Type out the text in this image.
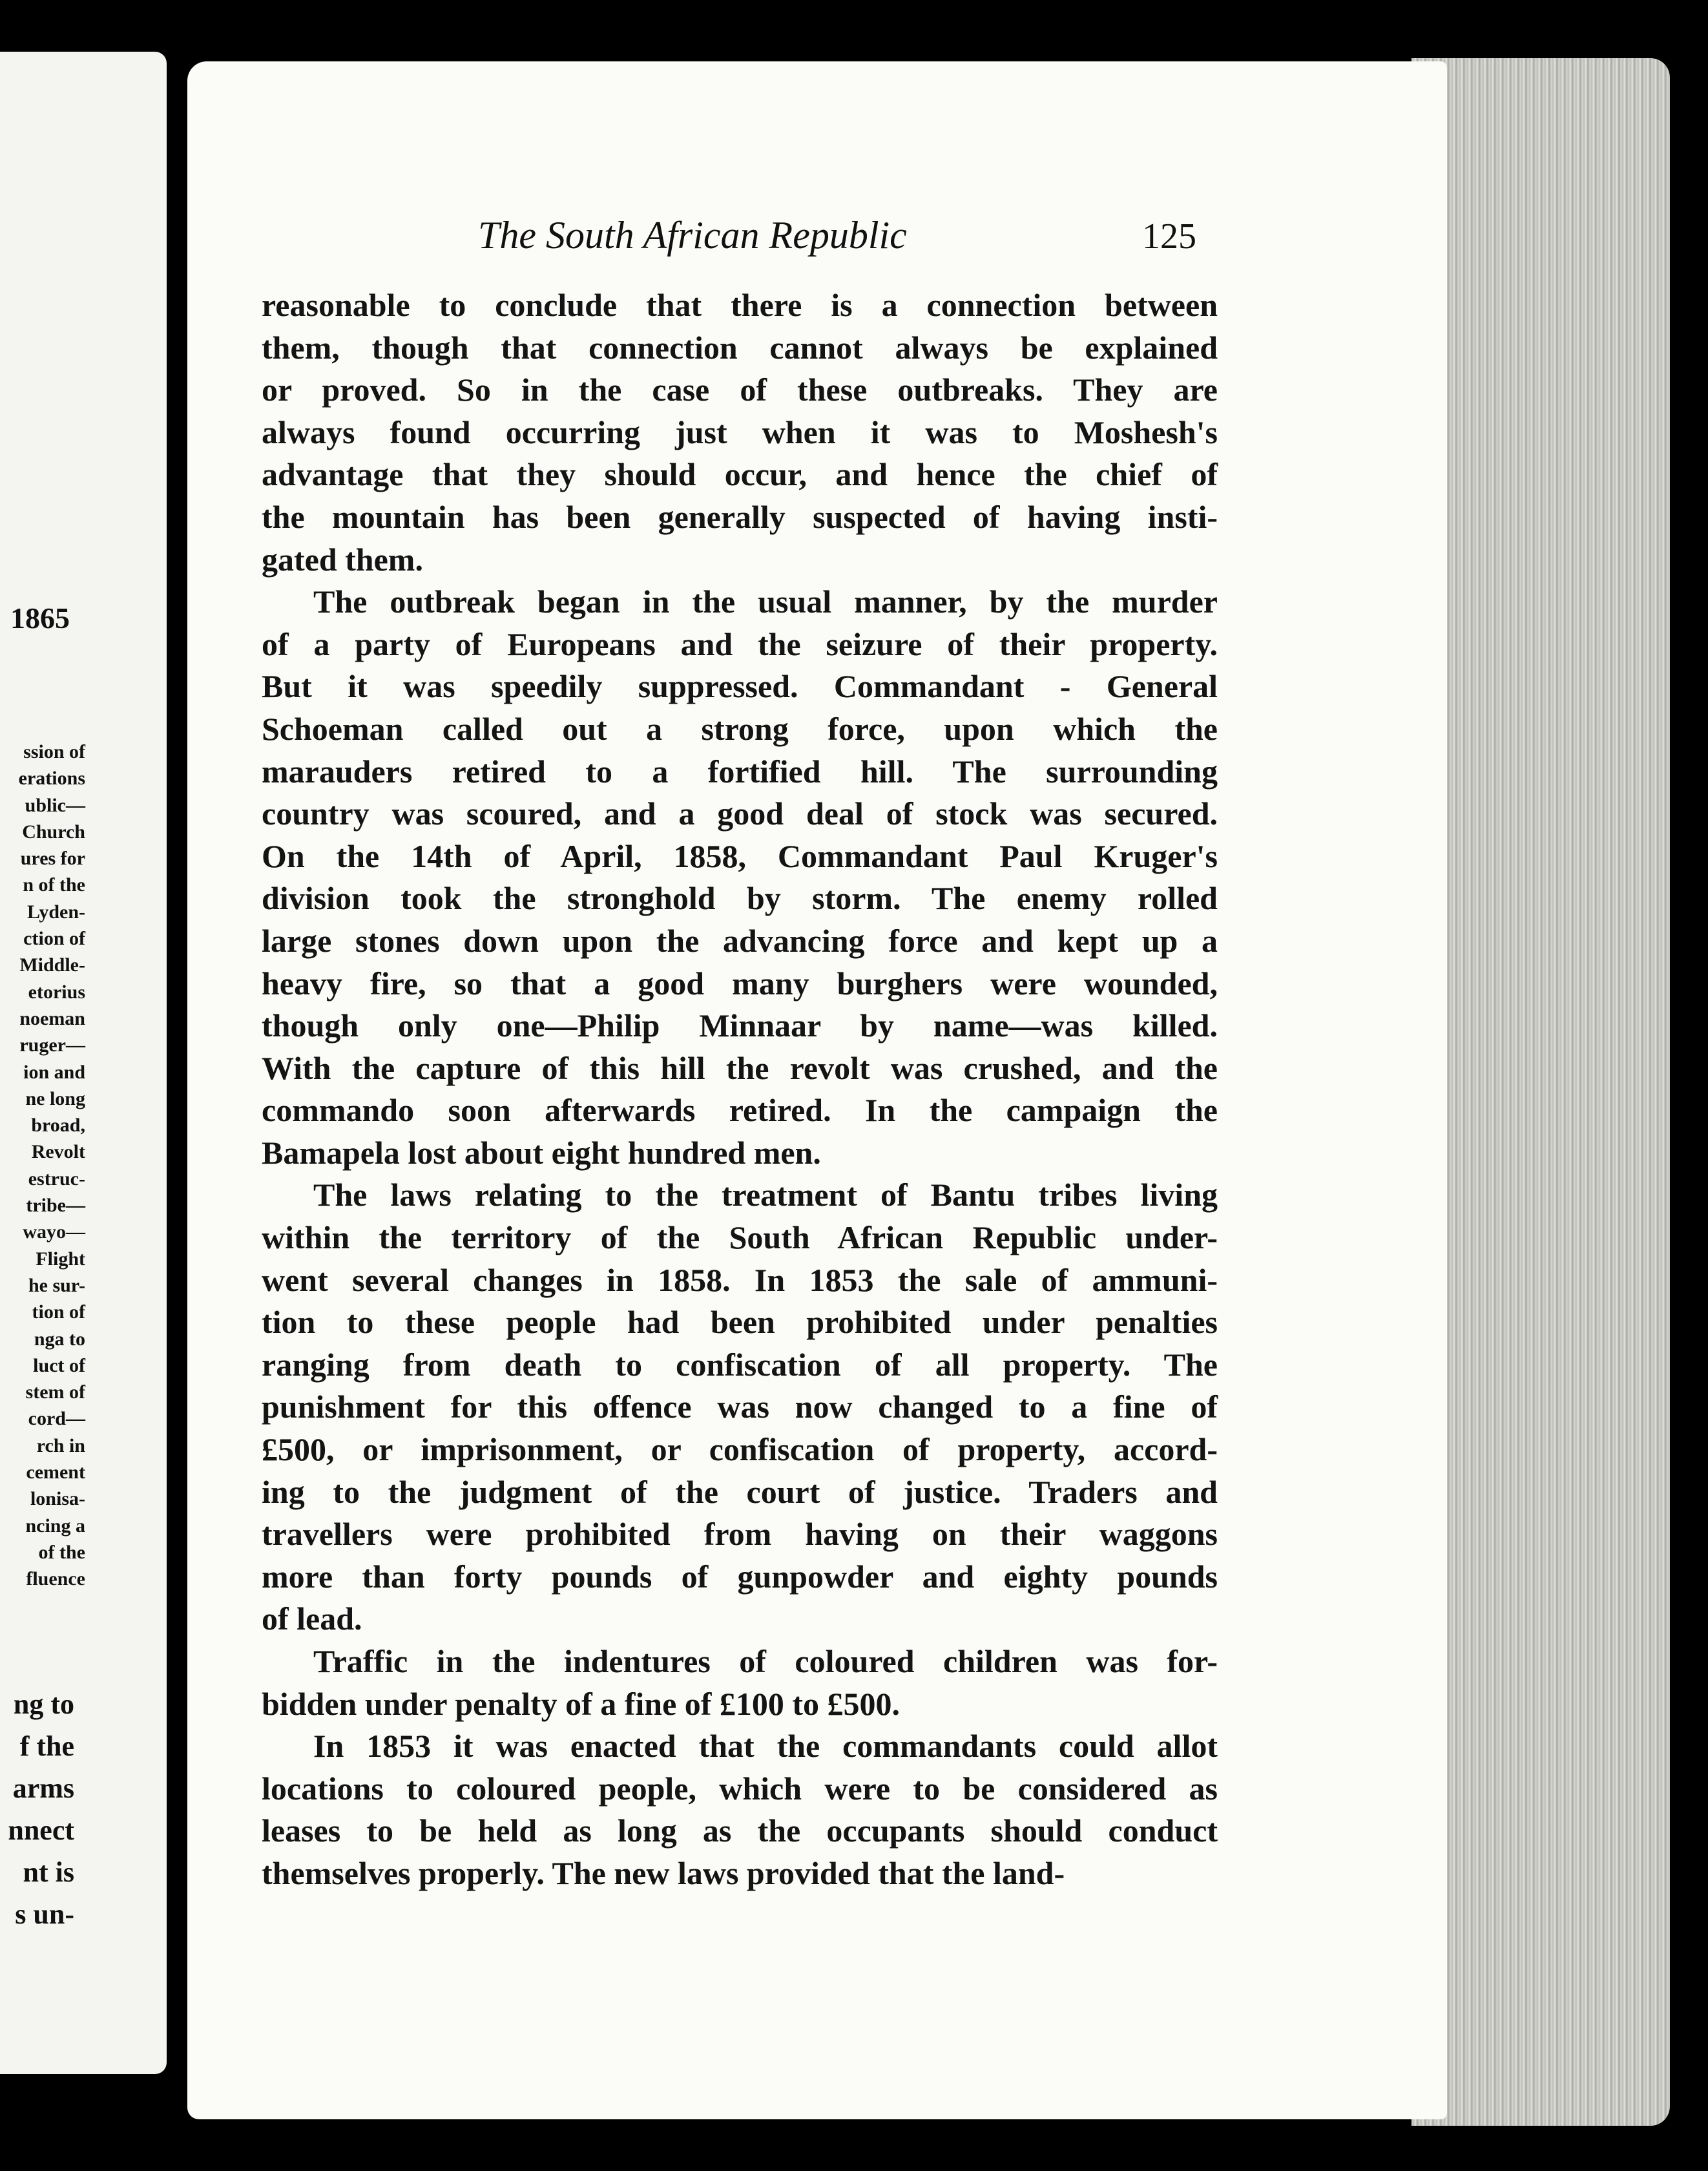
1865
ssion of
erations
ublic—
Church
ures for
n of the
Lyden-
ction of
Middle-
etorius
noeman
ruger—
ion and
ne long
broad,
Revolt
estruc-
tribe—
wayo—
Flight
he sur-
tion of
nga to
luct of
stem of
cord—
rch in
cement
lonisa-
ncing a
of the
fluence
ng to
f the
arms
nnect
nt is
s un-
The South African Republic	125
reasonable to conclude that there is a connection between
them, though that connection cannot always be explained
or proved. So in the case of these outbreaks. They are
always found occurring just when it was to Moshesh's
advantage that they should occur, and hence the chief of
the mountain has been generally suspected of having insti-
gated them.
The outbreak began in the usual manner, by the murder
of a party of Europeans and the seizure of their property.
But it was speedily suppressed. Commandant - General
Schoeman called out a strong force, upon which the
marauders retired to a fortified hill. The surrounding
country was scoured, and a good deal of stock was secured.
On the 14th of April, 1858, Commandant Paul Kruger's
division took the stronghold by storm. The enemy rolled
large stones down upon the advancing force and kept up a
heavy fire, so that a good many burghers were wounded,
though only one—Philip Minnaar by name—was killed.
With the capture of this hill the revolt was crushed, and the
commando soon afterwards retired. In the campaign the
Bamapela lost about eight hundred men.
The laws relating to the treatment of Bantu tribes living
within the territory of the South African Republic under-
went several changes in 1858. In 1853 the sale of ammuni-
tion to these people had been prohibited under penalties
ranging from death to confiscation of all property. The
punishment for this offence was now changed to a fine of
£500, or imprisonment, or confiscation of property, accord-
ing to the judgment of the court of justice. Traders and
travellers were prohibited from having on their waggons
more than forty pounds of gunpowder and eighty pounds
of lead.
Traffic in the indentures of coloured children was for-
bidden under penalty of a fine of £100 to £500.
In 1853 it was enacted that the commandants could allot
locations to coloured people, which were to be considered as
leases to be held as long as the occupants should conduct
themselves properly. The new laws provided that the land-
